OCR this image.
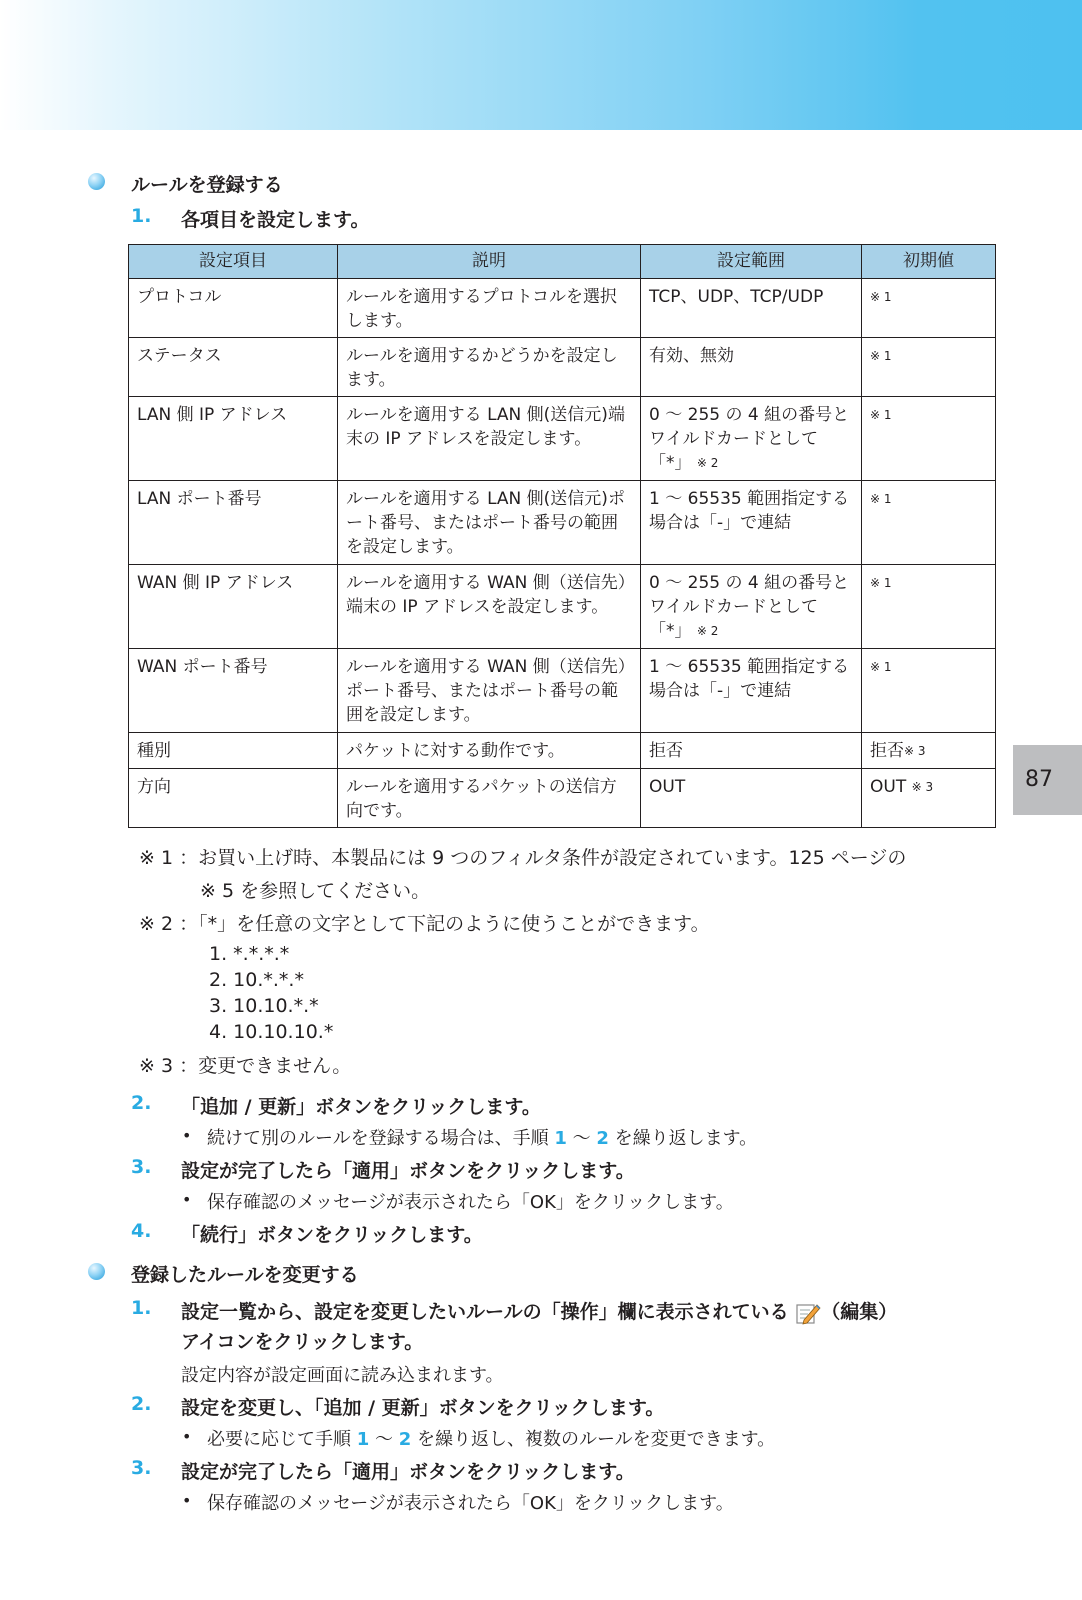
87
ルールを登録する
1. 各項目を設定します。
設定項目	説明	設定範囲	初期値
プロトコル	ルールを適用するプロトコルを選択します。	TCP、UDP、TCP/UDP	$^{※ 1}$
ステータス	ルールを適用するかどうかを設定します。	有効、無効	$^{※ 1}$
LAN 側 IP アドレス	ルールを適用する LAN 側(送信元)端末の IP アドレスを設定します。	0 ～ 255 の 4 組の番号とワイルドカードとして「*」 $^{※ 2}$	$^{※ 1}$
LAN ポート番号	ルールを適用する LAN 側(送信元)ポート番号、またはポート番号の範囲を設定します。	1 ～ 65535 範囲指定する場合は「-」で連結	$^{※ 1}$
WAN 側 IP アドレス	ルールを適用する WAN 側（送信先）端末の IP アドレスを設定します。	0 ～ 255 の 4 組の番号とワイルドカードとして「*」 $^{※ 2}$	$^{※ 1}$
WAN ポート番号	ルールを適用する WAN 側（送信先）ポート番号、またはポート番号の範囲を設定します。	1 ～ 65535 範囲指定する場合は「-」で連結	$^{※ 1}$
種別	パケットに対する動作です。	拒否	拒否$^{※ 3}$
方向	ルールを適用するパケットの送信方向です。	OUT	OUT $^{※ 3}$
※ 1 ：お買い上げ時、本製品には 9 つのフィルタ条件が設定されています。125 ページの
※ 5 を参照してください。
※ 2 ：「*」を任意の文字として下記のように使うことができます。
1. *.*.*.*
2. 10.*.*.*
3. 10.10.*.*
4. 10.10.10.*
※ 3 ：変更できません。
2. 「追加 / 更新」ボタンをクリックします。
• 続けて別のルールを登録する場合は、手順 1 ～ 2 を繰り返します。
3. 設定が完了したら「適用」ボタンをクリックします。
• 保存確認のメッセージが表示されたら「OK」をクリックします。
4. 「続行」ボタンをクリックします。
登録したルールを変更する
1. 設定一覧から、設定を変更したいルールの「操作」欄に表示されている （編集）
アイコンをクリックします。
設定内容が設定画面に読み込まれます。
2. 設定を変更し、「追加 / 更新」ボタンをクリックします。
• 必要に応じて手順 1 ～ 2 を繰り返し、複数のルールを変更できます。
3. 設定が完了したら「適用」ボタンをクリックします。
• 保存確認のメッセージが表示されたら「OK」をクリックします。
